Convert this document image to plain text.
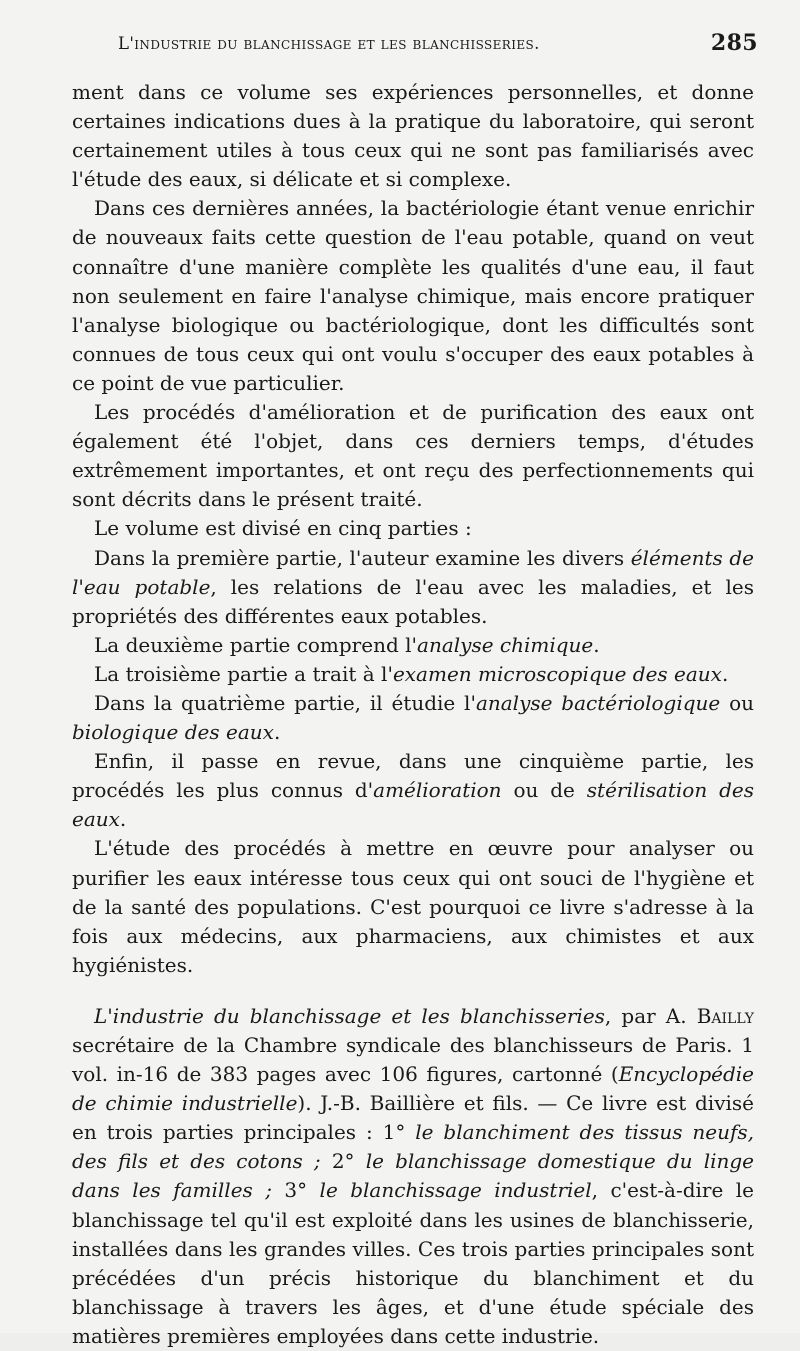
L'industrie du blanchissage et les blanchisseries.	285

ment dans ce volume ses expériences personnelles, et donne certaines indications dues à la pratique du laboratoire, qui seront certainement utiles à tous ceux qui ne sont pas familiarisés avec l'étude des eaux, si délicate et si complexe.

Dans ces dernières années, la bactériologie étant venue enrichir de nouveaux faits cette question de l'eau potable, quand on veut connaître d'une manière complète les qualités d'une eau, il faut non seulement en faire l'analyse chimique, mais encore pratiquer l'analyse biologique ou bactériologique, dont les difficultés sont connues de tous ceux qui ont voulu s'occuper des eaux potables à ce point de vue particulier.

Les procédés d'amélioration et de purification des eaux ont également été l'objet, dans ces derniers temps, d'études extrêmement importantes, et ont reçu des perfectionnements qui sont décrits dans le présent traité.

Le volume est divisé en cinq parties :

Dans la première partie, l'auteur examine les divers éléments de l'eau potable, les relations de l'eau avec les maladies, et les propriétés des différentes eaux potables.

La deuxième partie comprend l'analyse chimique.

La troisième partie a trait à l'examen microscopique des eaux.

Dans la quatrième partie, il étudie l'analyse bactériologique ou biologique des eaux.

Enfin, il passe en revue, dans une cinquième partie, les procédés les plus connus d'amélioration ou de stérilisation des eaux.

L'étude des procédés à mettre en œuvre pour analyser ou purifier les eaux intéresse tous ceux qui ont souci de l'hygiène et de la santé des populations. C'est pourquoi ce livre s'adresse à la fois aux médecins, aux pharmaciens, aux chimistes et aux hygiénistes.

L'industrie du blanchissage et les blanchisseries, par A. Bailly secrétaire de la Chambre syndicale des blanchisseurs de Paris. 1 vol. in-16 de 383 pages avec 106 figures, cartonné (Encyclopédie de chimie industrielle). J.-B. Baillière et fils. — Ce livre est divisé en trois parties principales : 1° le blanchiment des tissus neufs, des fils et des cotons ; 2° le blanchissage domestique du linge dans les familles ; 3° le blanchissage industriel, c'est-à-dire le blanchissage tel qu'il est exploité dans les usines de blanchisserie, installées dans les grandes villes. Ces trois parties principales sont précédées d'un précis historique du blanchiment et du blanchissage à travers les âges, et d'une étude spéciale des matières premières employées dans cette industrie.
